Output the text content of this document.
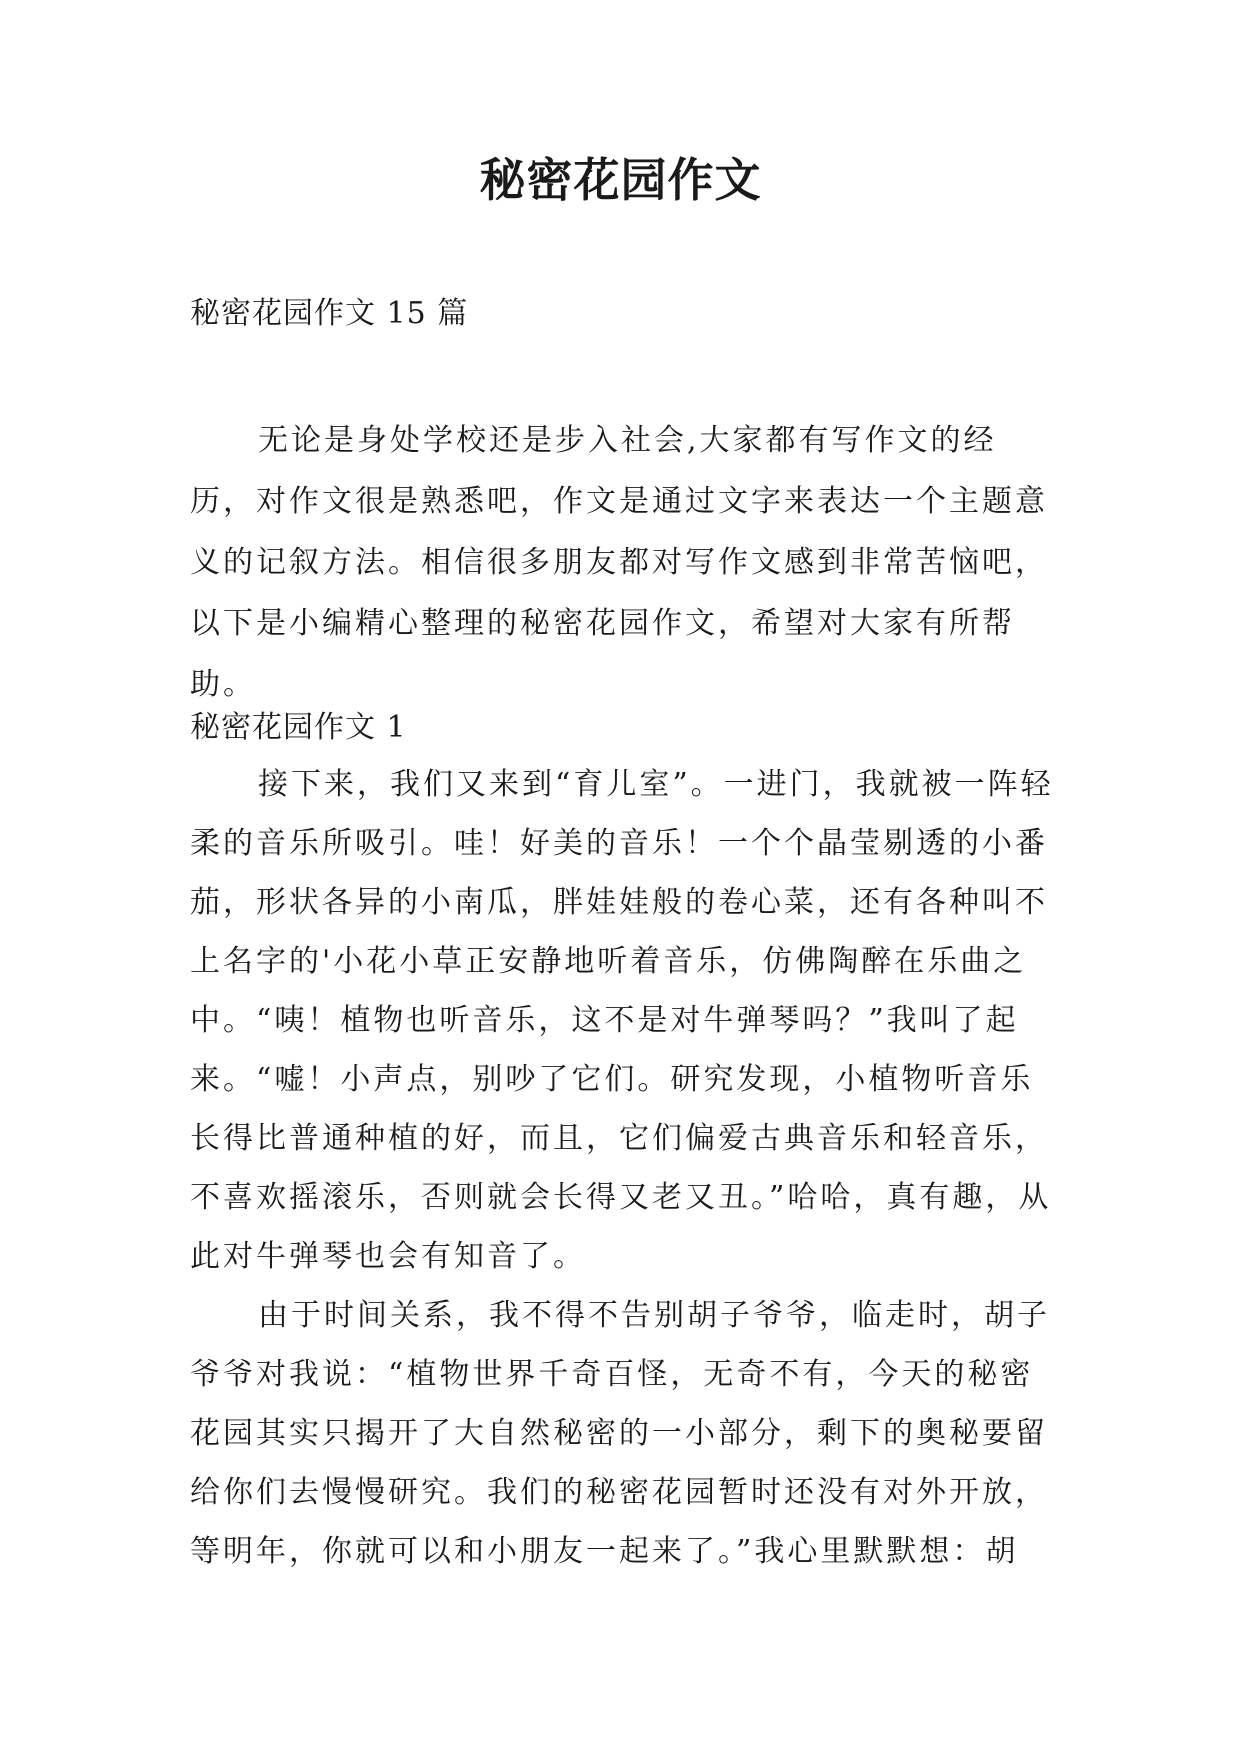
秘密花园作文

秘密花园作文 15 篇

无论是身处学校还是步入社会,大家都有写作文的经历，对作文很是熟悉吧，作文是通过文字来表达一个主题意义的记叙方法。相信很多朋友都对写作文感到非常苦恼吧，以下是小编精心整理的秘密花园作文，希望对大家有所帮助。

秘密花园作文 1

接下来，我们又来到“育儿室”。一进门，我就被一阵轻柔的音乐所吸引。哇！好美的音乐！一个个晶莹剔透的小番茄，形状各异的小南瓜，胖娃娃般的卷心菜，还有各种叫不上名字的'小花小草正安静地听着音乐，仿佛陶醉在乐曲之中。“咦！植物也听音乐，这不是对牛弹琴吗？”我叫了起来。“嘘！小声点，别吵了它们。研究发现，小植物听音乐长得比普通种植的好，而且，它们偏爱古典音乐和轻音乐，不喜欢摇滚乐，否则就会长得又老又丑。”哈哈，真有趣，从此对牛弹琴也会有知音了。

由于时间关系，我不得不告别胡子爷爷，临走时，胡子爷爷对我说：“植物世界千奇百怪，无奇不有，今天的秘密花园其实只揭开了大自然秘密的一小部分，剩下的奥秘要留给你们去慢慢研究。我们的秘密花园暂时还没有对外开放，等明年，你就可以和小朋友一起来了。”我心里默默想：胡
